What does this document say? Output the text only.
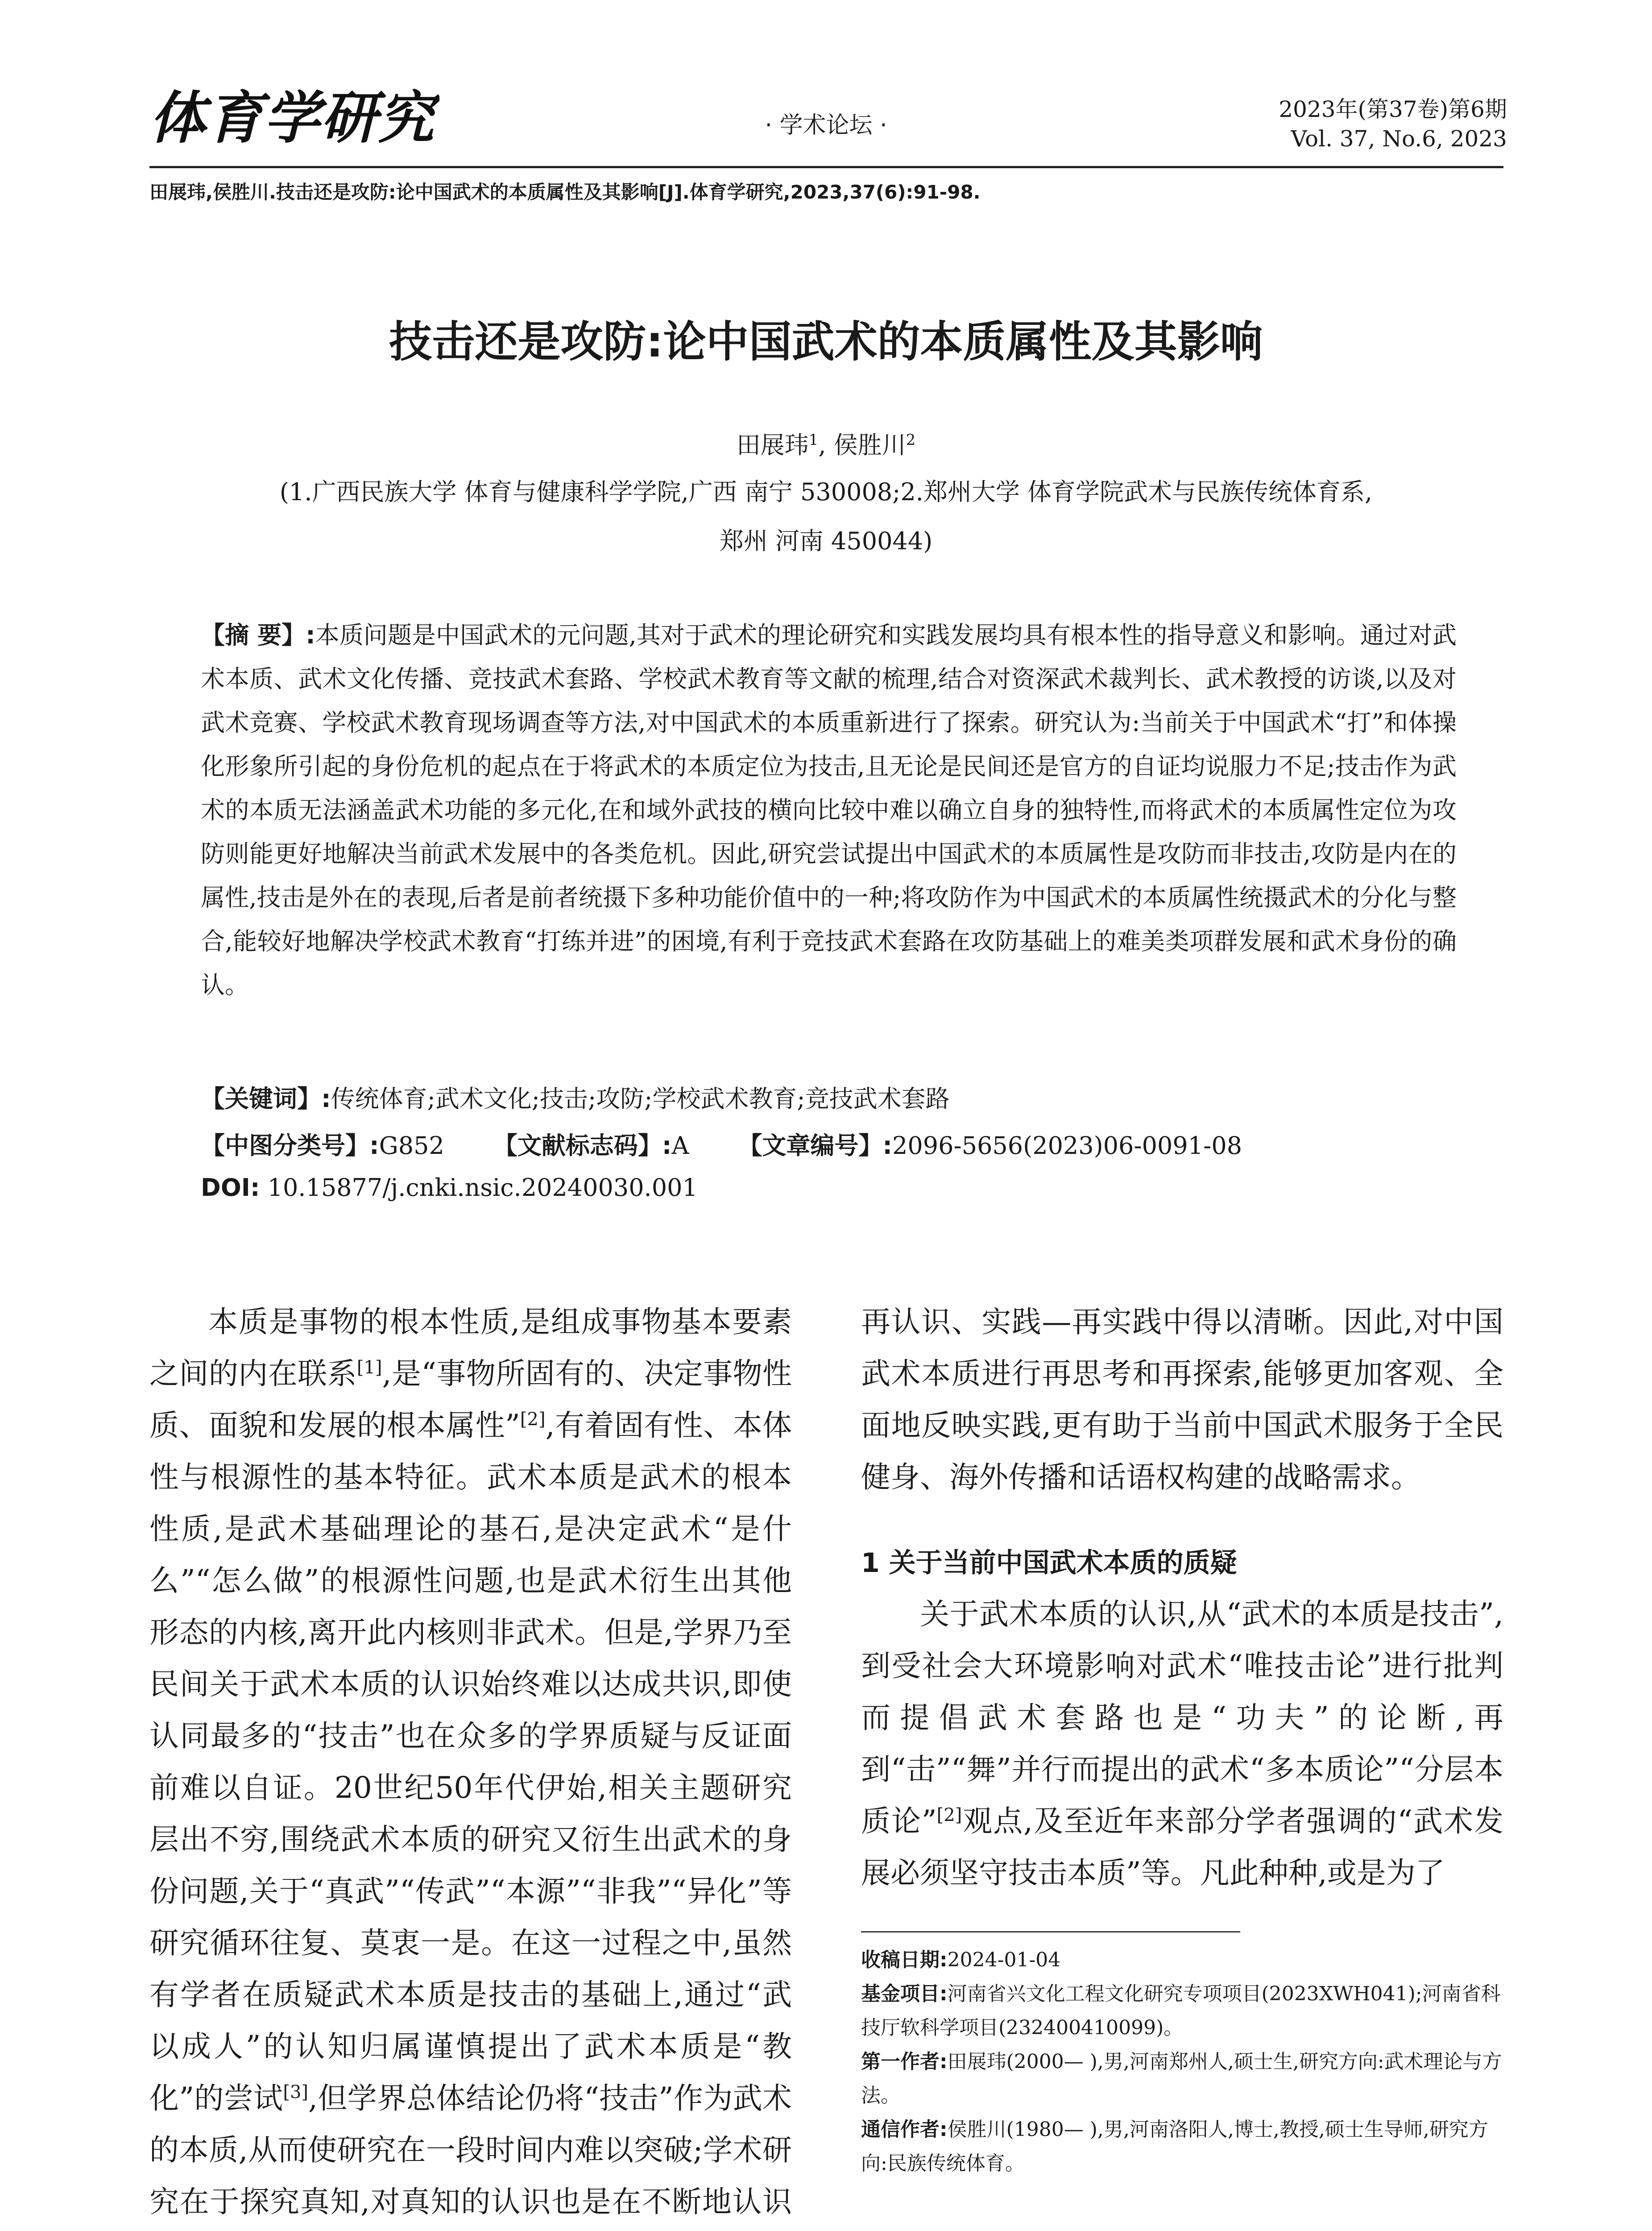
体育学研究	· 学术论坛 ·
2023年(第37卷)第6期
Vol. 37, No.6, 2023
田展玮,侯胜川.技击还是攻防:论中国武术的本质属性及其影响[J].体育学研究,2023,37(6):91-98.
技击还是攻防:论中国武术的本质属性及其影响
田展玮$^1$, 侯胜川$^2$
(1.广西民族大学 体育与健康科学学院,广西 南宁 530008;2.郑州大学 体育学院武术与民族传统体育系,
郑州 河南 450044)
【摘 要】:本质问题是中国武术的元问题,其对于武术的理论研究和实践发展均具有根本性的指导意义和影响。通过对武术本质、武术文化传播、竞技武术套路、学校武术教育等文献的梳理,结合对资深武术裁判长、武术教授的访谈,以及对武术竞赛、学校武术教育现场调查等方法,对中国武术的本质重新进行了探索。研究认为:当前关于中国武术“打”和体操化形象所引起的身份危机的起点在于将武术的本质定位为技击,且无论是民间还是官方的自证均说服力不足;技击作为武术的本质无法涵盖武术功能的多元化,在和域外武技的横向比较中难以确立自身的独特性,而将武术的本质属性定位为攻防则能更好地解决当前武术发展中的各类危机。因此,研究尝试提出中国武术的本质属性是攻防而非技击,攻防是内在的属性,技击是外在的表现,后者是前者统摄下多种功能价值中的一种;将攻防作为中国武术的本质属性统摄武术的分化与整合,能较好地解决学校武术教育“打练并进”的困境,有利于竞技武术套路在攻防基础上的难美类项群发展和武术身份的确认。
【关键词】:传统体育;武术文化;技击;攻防;学校武术教育;竞技武术套路
【中图分类号】:G852 【文献标志码】:A 【文章编号】:2096-5656(2023)06-0091-08
DOI: 10.15877/j.cnki.nsic.20240030.001

本质是事物的根本性质,是组成事物基本要素之间的内在联系[1],是“事物所固有的、决定事物性质、面貌和发展的根本属性”[2],有着固有性、本体性与根源性的基本特征。武术本质是武术的根本性质,是武术基础理论的基石,是决定武术“是什么”“怎么做”的根源性问题,也是武术衍生出其他形态的内核,离开此内核则非武术。但是,学界乃至民间关于武术本质的认识始终难以达成共识,即使认同最多的“技击”也在众多的学界质疑与反证面前难以自证。20世纪50年代伊始,相关主题研究层出不穷,围绕武术本质的研究又衍生出武术的身份问题,关于“真武”“传武”“本源”“非我”“异化”等研究循环往复、莫衷一是。在这一过程之中,虽然有学者在质疑武术本质是技击的基础上,通过“武以成人”的认知归属谨慎提出了武术本质是“教化”的尝试[3],但学界总体结论仍将“技击”作为武术的本质,从而使研究在一段时间内难以突破;学术研究在于探究真知,对真知的认识也是在不断地认识

再认识、实践—再实践中得以清晰。因此,对中国武术本质进行再思考和再探索,能够更加客观、全面地反映实践,更有助于当前中国武术服务于全民健身、海外传播和话语权构建的战略需求。

1 关于当前中国武术本质的质疑

关于武术本质的认识,从“武术的本质是技击”,到受社会大环境影响对武术“唯技击论”进行批判而提倡武术套路也是“功夫”的论断,再到“击”“舞”并行而提出的武术“多本质论”“分层本质论”[2]观点,及至近年来部分学者强调的“武术发展必须坚守技击本质”等。凡此种种,或是为了

收稿日期:2024-01-04
基金项目:河南省兴文化工程文化研究专项项目(2023XWH041);河南省科技厅软科学项目(232400410099)。
第一作者:田展玮(2000— ),男,河南郑州人,硕士生,研究方向:武术理论与方法。
通信作者:侯胜川(1980— ),男,河南洛阳人,博士,教授,硕士生导师,研究方向:民族传统体育。
